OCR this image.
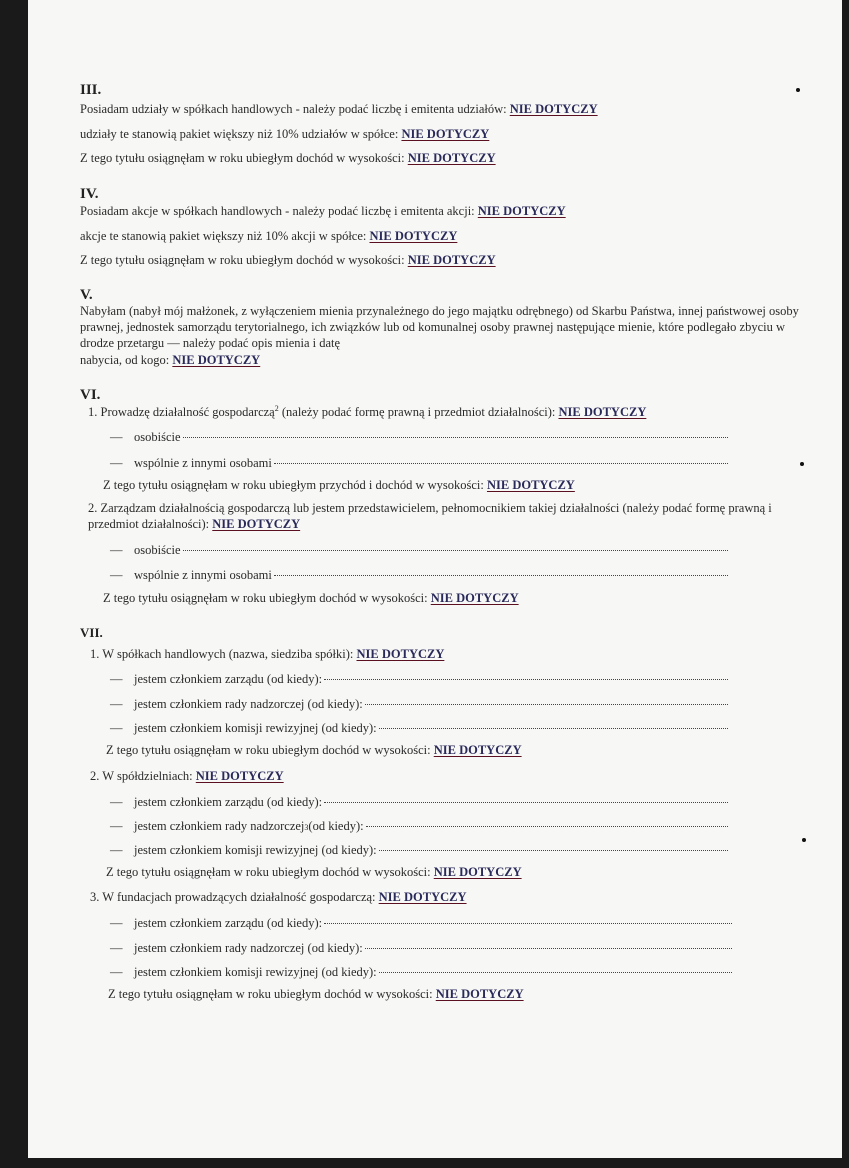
III.
Posiadam udziały w spółkach handlowych - należy podać liczbę i emitenta udziałów: NIE DOTYCZY
udziały te stanowią pakiet większy niż 10% udziałów w spółce: NIE DOTYCZY
Z tego tytułu osiągnęłam w roku ubiegłym dochód w wysokości: NIE DOTYCZY
IV.
Posiadam akcje w spółkach handlowych - należy podać liczbę i emitenta akcji: NIE DOTYCZY
akcje te stanowią pakiet większy niż 10% akcji w spółce: NIE DOTYCZY
Z tego tytułu osiągnęłam w roku ubiegłym dochód w wysokości: NIE DOTYCZY
V.
Nabyłam (nabył mój małżonek, z wyłączeniem mienia przynależnego do jego majątku odrębnego) od Skarbu Państwa, innej państwowej osoby prawnej, jednostek samorządu terytorialnego, ich związków lub od komunalnej osoby prawnej następujące mienie, które podlegało zbyciu w drodze przetargu — należy podać opis mienia i datę
nabycia, od kogo: NIE DOTYCZY
VI.
1. Prowadzę działalność gospodarczą$^2$ (należy podać formę prawną i przedmiot działalności): NIE DOTYCZY
— osobiście
— wspólnie z innymi osobami
Z tego tytułu osiągnęłam w roku ubiegłym przychód i dochód w wysokości: NIE DOTYCZY
2. Zarządzam działalnością gospodarczą lub jestem przedstawicielem, pełnomocnikiem takiej działalności (należy podać formę prawną i przedmiot działalności): NIE DOTYCZY
— osobiście
— wspólnie z innymi osobami
Z tego tytułu osiągnęłam w roku ubiegłym dochód w wysokości: NIE DOTYCZY
VII.
1. W spółkach handlowych (nazwa, siedziba spółki): NIE DOTYCZY
— jestem członkiem zarządu (od kiedy):
— jestem członkiem rady nadzorczej (od kiedy):
— jestem członkiem komisji rewizyjnej (od kiedy):
Z tego tytułu osiągnęłam w roku ubiegłym dochód w wysokości: NIE DOTYCZY
2. W spółdzielniach: NIE DOTYCZY
— jestem członkiem zarządu (od kiedy):
— jestem członkiem rady nadzorczej 3 (od kiedy):
— jestem członkiem komisji rewizyjnej (od kiedy):
Z tego tytułu osiągnęłam w roku ubiegłym dochód w wysokości: NIE DOTYCZY
3. W fundacjach prowadzących działalność gospodarczą: NIE DOTYCZY
— jestem członkiem zarządu (od kiedy):
— jestem członkiem rady nadzorczej (od kiedy):
— jestem członkiem komisji rewizyjnej (od kiedy):
Z tego tytułu osiągnęłam w roku ubiegłym dochód w wysokości: NIE DOTYCZY
